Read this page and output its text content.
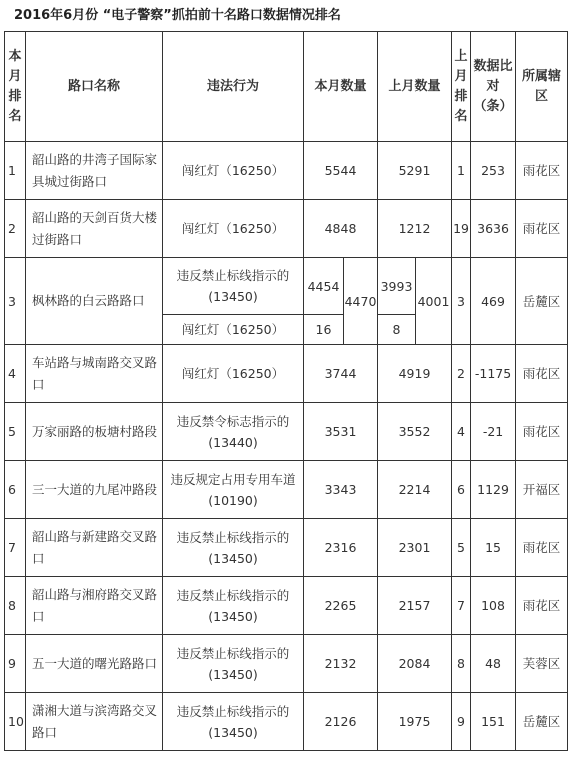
2016年6月份 “电子警察”抓拍前十名路口数据情况排名
本月排名	路口名称	违法行为	本月数量		上月数量		上月排名	数据比对（条）	所属辖区
1	韶山路的井湾子国际家具城过街路口	闯红灯（16250）	5544		5291		1	253	雨花区
2	韶山路的天剑百货大楼过街路口	闯红灯（16250）	4848		1212		19	3636	雨花区
3	枫林路的白云路路口	违反禁止标线指示的(13450)	4454	4470	3993	4001	3	469	岳麓区
		闯红灯（16250）	16		8				
4	车站路与城南路交叉路口	闯红灯（16250）	3744		4919		2	-1175	雨花区
5	万家丽路的板塘村路段	违反禁令标志指示的(13440)	3531		3552		4	-21	雨花区
6	三一大道的九尾冲路段	违反规定占用专用车道(10190)	3343		2214		6	1129	开福区
7	韶山路与新建路交叉路口	违反禁止标线指示的(13450)	2316		2301		5	15	雨花区
8	韶山路与湘府路交叉路口	违反禁止标线指示的(13450)	2265		2157		7	108	雨花区
9	五一大道的曙光路路口	违反禁止标线指示的(13450)	2132		2084		8	48	芙蓉区
10	潇湘大道与滨湾路交叉路口	违反禁止标线指示的(13450)	2126		1975		9	151	岳麓区
